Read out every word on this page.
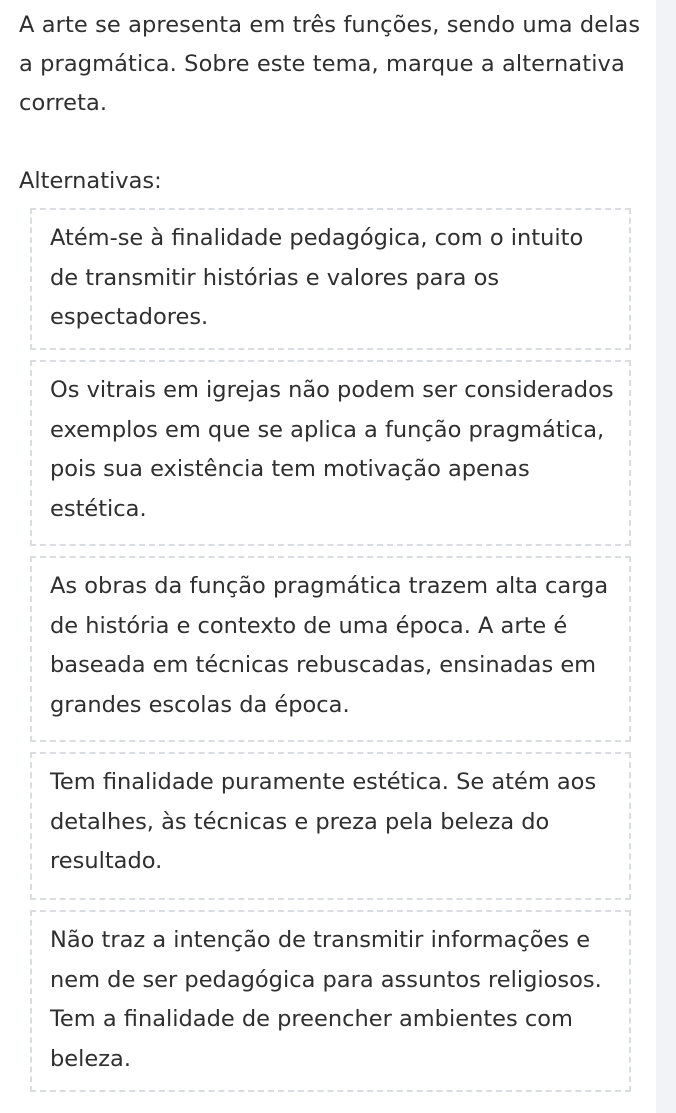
A arte se apresenta em três funções, sendo uma delas a pragmática. Sobre este tema, marque a alternativa correta.

Alternativas:

Atém-se à finalidade pedagógica, com o intuito de transmitir histórias e valores para os espectadores.
Os vitrais em igrejas não podem ser considerados exemplos em que se aplica a função pragmática, pois sua existência tem motivação apenas estética.
As obras da função pragmática trazem alta carga de história e contexto de uma época. A arte é baseada em técnicas rebuscadas, ensinadas em grandes escolas da época.
Tem finalidade puramente estética. Se atém aos detalhes, às técnicas e preza pela beleza do resultado.
Não traz a intenção de transmitir informações e nem de ser pedagógica para assuntos religiosos. Tem a finalidade de preencher ambientes com beleza.
